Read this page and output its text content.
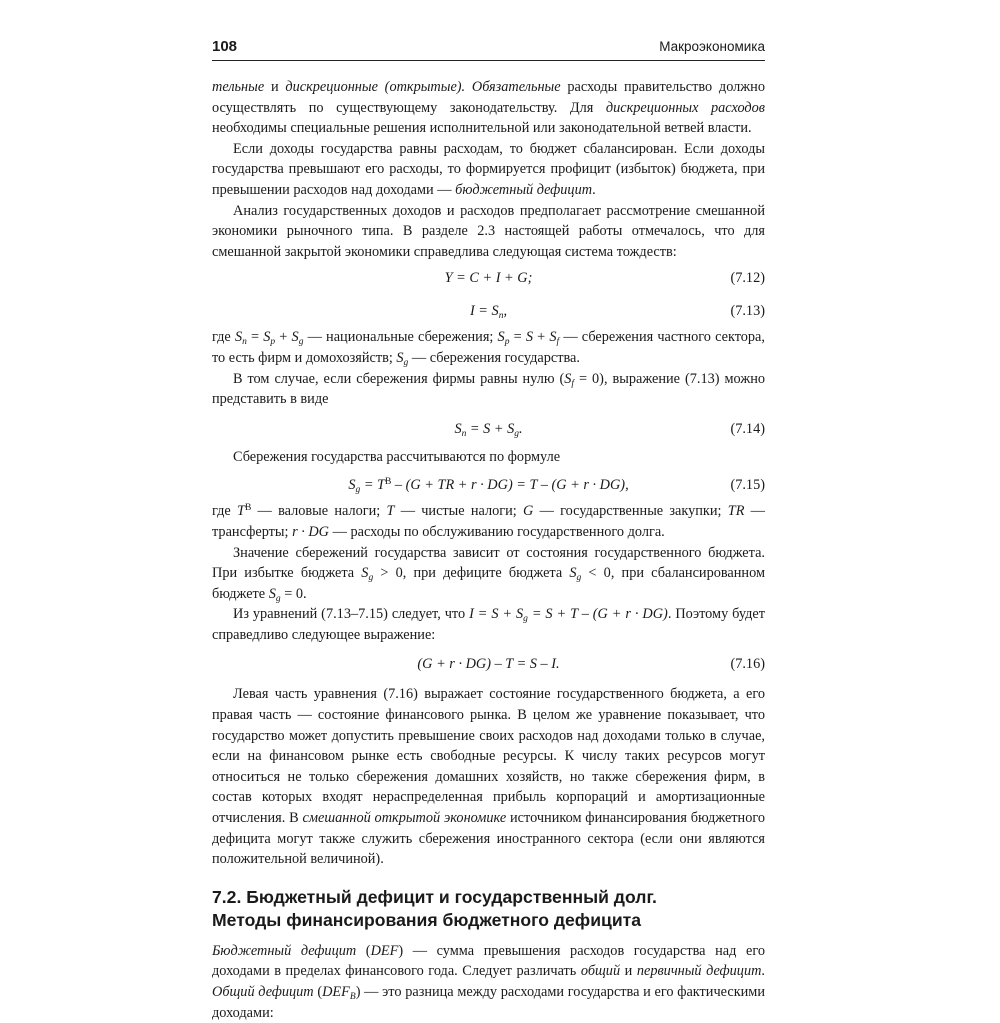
108	Макроэкономика

тельные и дискреционные (открытые). Обязательные расходы правительство должно осуществлять по существующему законодательству. Для дискреционных расходов необходимы специальные решения исполнительной или законодательной ветвей власти.

Если доходы государства равны расходам, то бюджет сбалансирован. Если доходы государства превышают его расходы, то формируется профицит (избыток) бюджета, при превышении расходов над доходами — бюджетный дефицит.

Анализ государственных доходов и расходов предполагает рассмотрение смешанной экономики рыночного типа. В разделе 2.3 настоящей работы отмечалось, что для смешанной закрытой экономики справедлива следующая система тождеств:

Y = C + I + G;	(7.12)
$I = S_n$,	(7.13)

где $S_n = S_p + S_g$ — национальные сбережения; $S_p = S + S_f$ — сбережения частного сектора, то есть фирм и домохозяйств; $S_g$ — сбережения государства.

В том случае, если сбережения фирмы равны нулю $(S_f = 0)$, выражение (7.13) можно представить в виде

$S_n = S + S_g$.	(7.14)

Сбережения государства рассчитываются по формуле

$S_g = T^B - (G$ + TR + r · DG) = T – (G + r · DG),	(7.15)

где $T^B$ — валовые налоги; T — чистые налоги; G — государственные закупки; TR — трансферты; r · DG — расходы по обслуживанию государственного долга.

Значение сбережений государства зависит от состояния государственного бюджета. При избытке бюджета $S_g > 0$, при дефиците бюджета $S_g < 0$, при сбалансированном бюджете $S_g = 0$.

Из уравнений (7.13–7.15) следует, что $I = S + S_g = S + T - (G + r \cdot DG)$. Поэтому будет справедливо следующее выражение:

(G + r · DG) – T = S – I.	(7.16)

Левая часть уравнения (7.16) выражает состояние государственного бюджета, а его правая часть — состояние финансового рынка. В целом же уравнение показывает, что государство может допустить превышение своих расходов над доходами только в случае, если на финансовом рынке есть свободные ресурсы. К числу таких ресурсов могут относиться не только сбережения домашних хозяйств, но также сбережения фирм, в состав которых входят нераспределенная прибыль корпораций и амортизационные отчисления. В смешанной открытой экономике источником финансирования бюджетного дефицита могут также служить сбережения иностранного сектора (если они являются положительной величиной).

7.2. Бюджетный дефицит и государственный долг.
Методы финансирования бюджетного дефицита

Бюджетный дефицит (DEF) — сумма превышения расходов государства над его доходами в пределах финансового года. Следует различать общий и первичный дефицит. Общий дефицит $(DEF_B)$ — это разница между расходами государства и его фактическими доходами:
